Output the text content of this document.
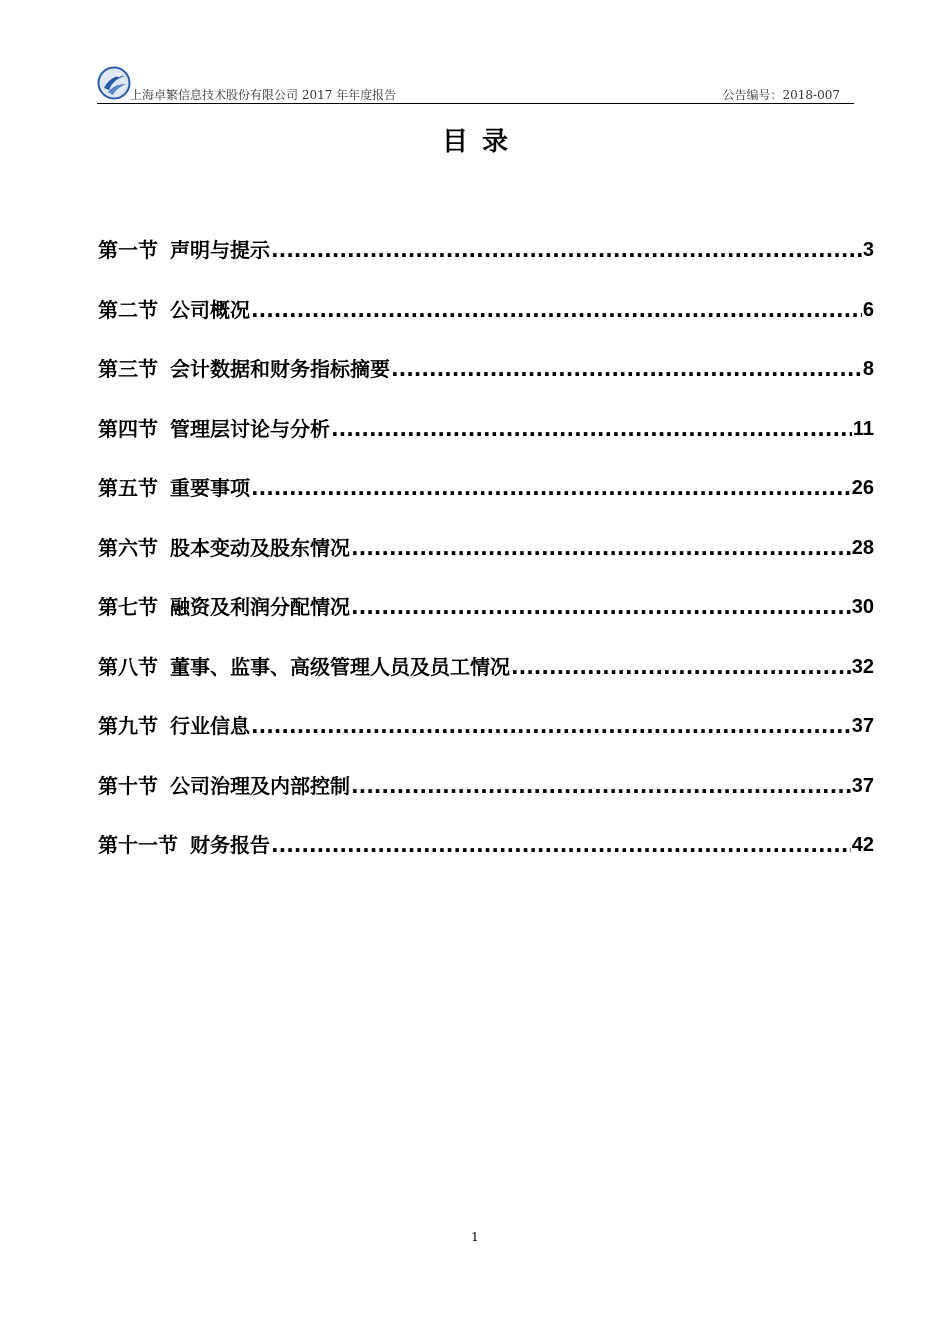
上海卓繁信息技术股份有限公司 2017 年年度报告	公告编号：2018-007
目录
第一节 声明与提示 .....	3
第二节 公司概况 .....	6
第三节 会计数据和财务指标摘要 .....	8
第四节 管理层讨论与分析 .....	11
第五节 重要事项 .....	26
第六节 股本变动及股东情况 .....	28
第七节 融资及利润分配情况 .....	30
第八节 董事、监事、高级管理人员及员工情况 .....	32
第九节 行业信息 .....	37
第十节 公司治理及内部控制 .....	37
第十一节 财务报告 .....	42
1
